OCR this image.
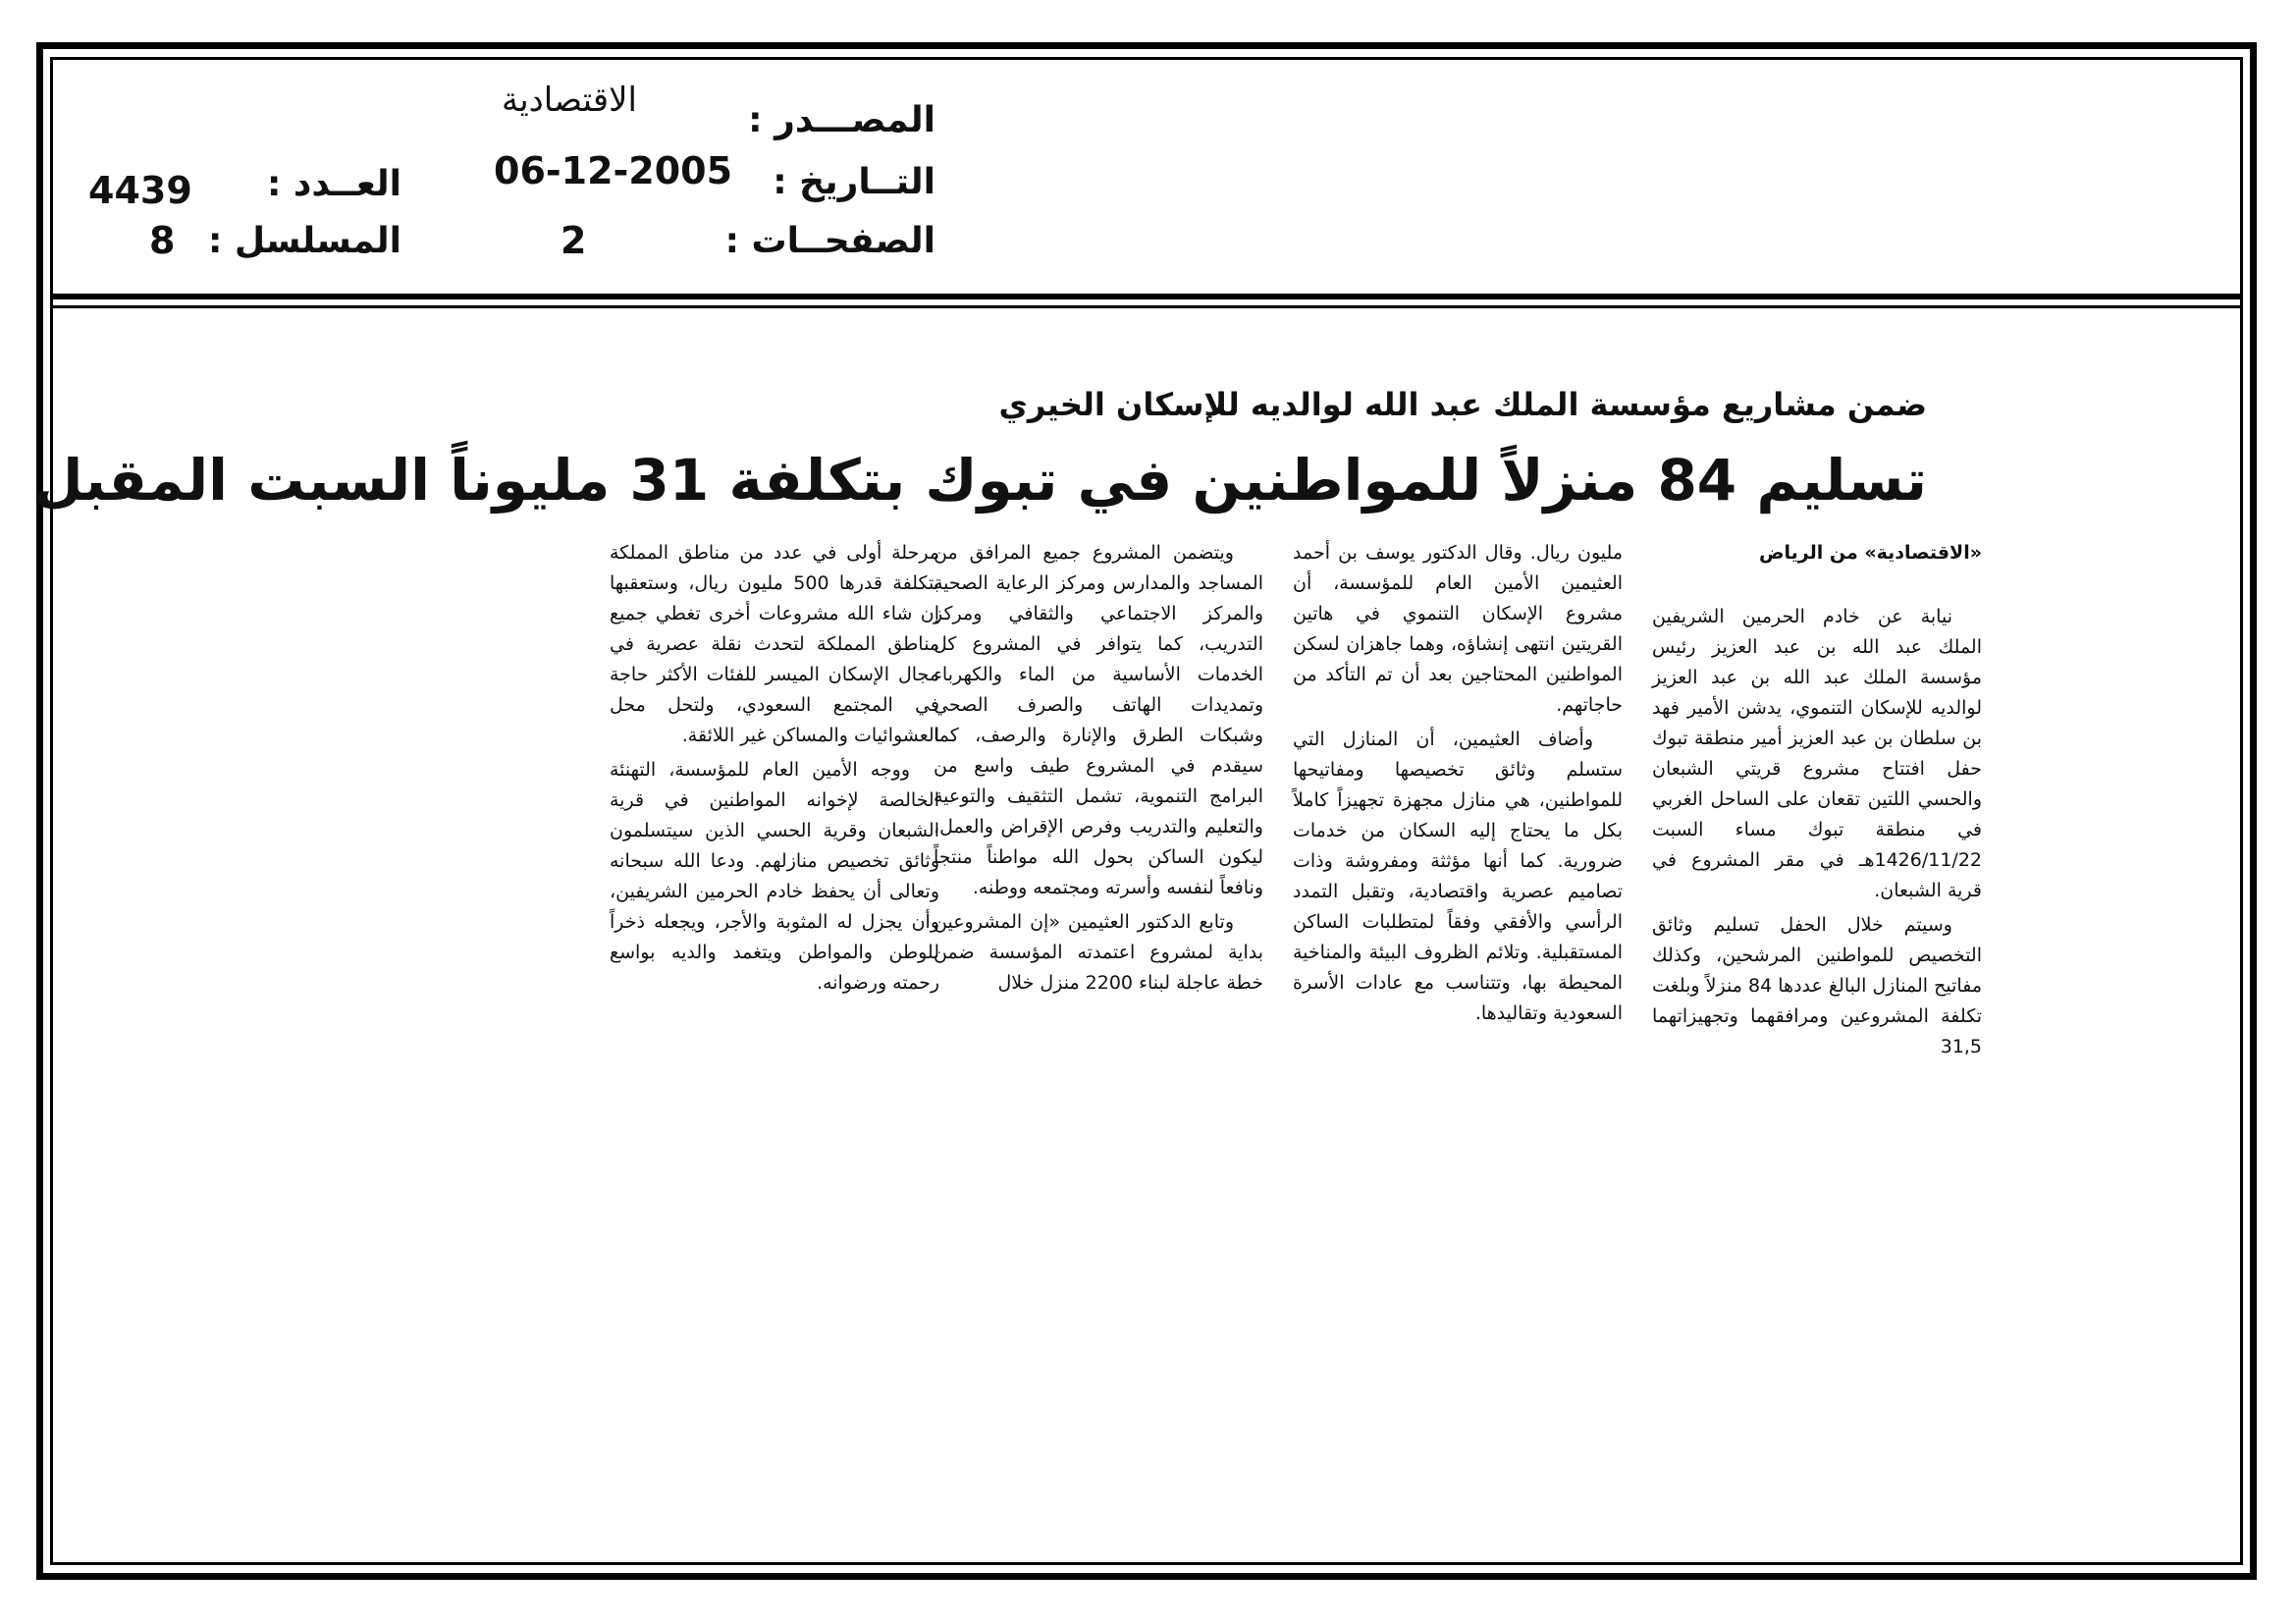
المصـــدر :
الاقتصادية
التــاريخ :
06-12-2005
الصفحــات :
2
العــدد :
4439
المسلسل :
8
ضمن مشاريع مؤسسة الملك عبد الله لوالديه للإسكان الخيري
تسليم 84 منزلاً للمواطنين في تبوك بتكلفة 31 مليوناً السبت المقبل

«الاقتصادية» من الرياض

نيابة عن خادم الحرمين الشريفين الملك عبد الله بن عبد العزيز رئيس مؤسسة الملك عبد الله بن عبد العزيز لوالديه للإسكان التنموي، يدشن الأمير فهد بن سلطان بن عبد العزيز أمير منطقة تبوك حفل افتتاح مشروع قريتي الشبعان والحسي اللتين تقعان على الساحل الغربي في منطقة تبوك مساء السبت 1426/11/22هـ في مقر المشروع في قرية الشبعان.

وسيتم خلال الحفل تسليم وثائق التخصيص للمواطنين المرشحين، وكذلك مفاتيح المنازل البالغ عددها 84 منزلاً وبلغت تكلفة المشروعين ومرافقهما وتجهيزاتهما 31,5

مليون ريال. وقال الدكتور يوسف بن أحمد العثيمين الأمين العام للمؤسسة، أن مشروع الإسكان التنموي في هاتين القريتين انتهى إنشاؤه، وهما جاهزان لسكن المواطنين المحتاجين بعد أن تم التأكد من حاجاتهم.

وأضاف العثيمين، أن المنازل التي ستسلم وثائق تخصيصها ومفاتيحها للمواطنين، هي منازل مجهزة تجهيزاً كاملاً بكل ما يحتاج إليه السكان من خدمات ضرورية. كما أنها مؤثثة ومفروشة وذات تصاميم عصرية واقتصادية، وتقبل التمدد الرأسي والأفقي وفقاً لمتطلبات الساكن المستقبلية. وتلائم الظروف البيئة والمناخية المحيطة بها، وتتناسب مع عادات الأسرة السعودية وتقاليدها.

ويتضمن المشروع جميع المرافق من المساجد والمدارس ومركز الرعاية الصحية والمركز الاجتماعي والثقافي ومركز التدريب، كما يتوافر في المشروع كل الخدمات الأساسية من الماء والكهرباء وتمديدات الهاتف والصرف الصحي وشبكات الطرق والإنارة والرصف، كما سيقدم في المشروع طيف واسع من البرامج التنموية، تشمل التثقيف والتوعية والتعليم والتدريب وفرص الإقراض والعمل، ليكون الساكن بحول الله مواطناً منتجاً ونافعاً لنفسه وأسرته ومجتمعه ووطنه.

وتابع الدكتور العثيمين «إن المشروعين بداية لمشروع اعتمدته المؤسسة ضمن خطة عاجلة لبناء 2200 منزل خلال

مرحلة أولى في عدد من مناطق المملكة بتكلفة قدرها 500 مليون ريال، وستعقبها إن شاء الله مشروعات أخرى تغطي جميع مناطق المملكة لتحدث نقلة عصرية في مجال الإسكان الميسر للفئات الأكثر حاجة في المجتمع السعودي، ولتحل محل العشوائيات والمساكن غير اللائقة.

ووجه الأمين العام للمؤسسة، التهنئة الخالصة لإخوانه المواطنين في قرية الشبعان وقرية الحسي الذين سيتسلمون وثائق تخصيص منازلهم. ودعا الله سبحانه وتعالى أن يحفظ خادم الحرمين الشريفين، وأن يجزل له المثوبة والأجر، ويجعله ذخراً للوطن والمواطن ويتغمد والديه بواسع رحمته ورضوانه.
